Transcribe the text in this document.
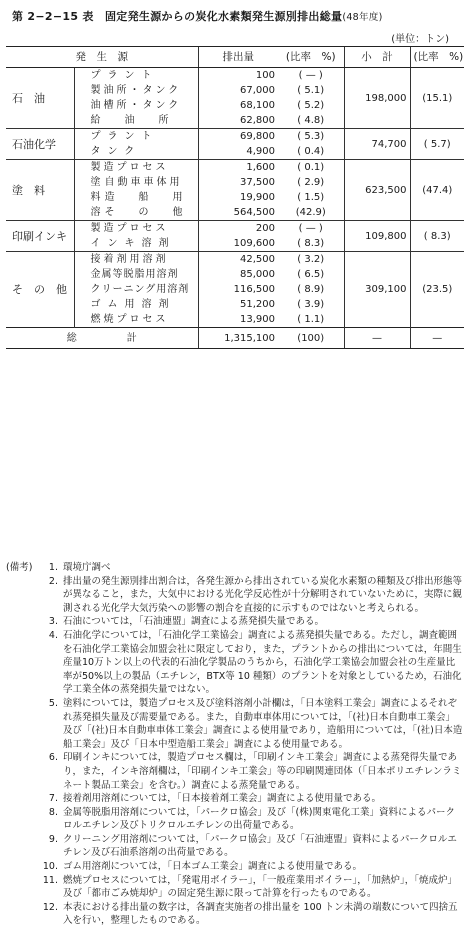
第 2−2−15 表　固定発生源からの炭化水素類発生源別排出総量(48年度)
(単位：トン)
発　生　源		排出量	(比率　%)	小　計	(比率　%)
石　油	プラント	100	( — )	198,000	(15.1)
	製油所・タンク	67,000	( 5.1)		
	油槽所・タンク	68,100	( 5.2)		
	給　油　所	62,800	( 4.8)		
石油化学	プラント	69,800	( 5.3)	74,700	( 5.7)
	タンク	4,900	( 0.4)		
塗　料	製造プロセス	1,600	( 0.1)	623,500	(47.4)
	塗自動車車体用	37,500	( 2.9)		
	料造　船　用	19,900	( 1.5)		
	溶そ　の　他	564,500	(42.9)		
印刷インキ	製造プロセス	200	( — )	109,800	( 8.3)
	インキ溶剤	109,600	( 8.3)		
そ　の　他	接着剤用溶剤	42,500	( 3.2)	309,100	(23.5)
	金属等脱脂用溶剤	85,000	( 6.5)		
	クリーニング用溶剤	116,500	( 8.9)		
	ゴム用溶剤	51,200	( 3.9)		
	燃焼プロセス	13,900	( 1.1)		
総　　　　　計		1,315,100	(100)	—	—
(備考)	1. 環境庁調べ
2. 排出量の発生源別排出割合は，各発生源から排出されている炭化水素類の種類及び排出形態等が異なること，また，大気中における光化学反応性が十分解明されていないために，実際に観測される光化学大気汚染への影響の割合を直接的に示すものではないと考えられる。
3. 石油については，「石油連盟」調査による蒸発損失量である。
4. 石油化学については，「石油化学工業協会」調査による蒸発損失量である。ただし，調査範囲を石油化学工業協会加盟会社に限定しており，また，プラントからの排出については，年間生産量10万トン以上の代表的石油化学製品のうちから，石油化学工業協会加盟会社の生産量比率が50%以上の製品（エチレン，BTX等 10 種類）のプラントを対象としているため，石油化学工業全体の蒸発損失量ではない。
5. 塗料については，製造プロセス及び塗料溶剤小計欄は，「日本塗料工業会」調査によるそれぞれ蒸発損失量及び需要量である。また，自動車車体用については，「(社)日本自動車工業会」及び「(社)日本自動車車体工業会」調査による使用量であり，造船用については，「(社)日本造船工業会」及び「日本中型造船工業会」調査による使用量である。
6. 印刷インキについては，製造プロセス欄は，「印刷インキ工業会」調査による蒸発得失量であり，また，インキ溶剤欄は，「印刷インキ工業会」等の印刷関連団体（「日本ポリエチレンラミネート製品工業会」を含む。）調査による蒸発量である。
7. 接着剤用溶剤については，「日本接着剤工業会」調査による使用量である。
8. 金属等脱脂用溶剤については，「パークロ協会」及び「(株)関東電化工業」資料によるパークロルエチレン及びトリクロルエチレンの出荷量である。
9. クリーニング用溶剤については，「パークロ協会」及び「石油連盟」資料によるパークロルエチレン及び石油系溶剤の出荷量である。
10. ゴム用溶剤については，「日本ゴム工業会」調査による使用量である。
11. 燃焼プロセスについては，「発電用ボイラー」，「一般産業用ボイラー」，「加熱炉」，「焼成炉」及び「都市ごみ焼却炉」の固定発生源に限って計算を行ったものである。
12. 本表における排出量の数字は，各調査実施者の排出量を 100 トン未満の端数について四捨五入を行い，整理したものである。
